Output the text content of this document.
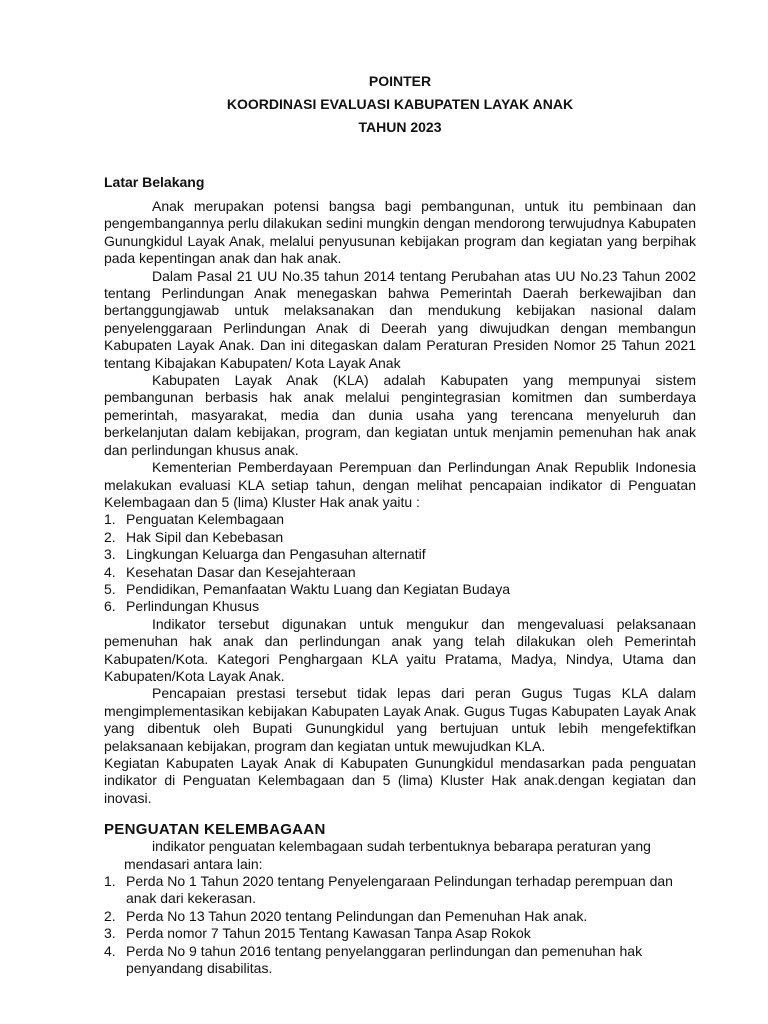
POINTER
KOORDINASI EVALUASI KABUPATEN LAYAK ANAK
TAHUN 2023
Latar Belakang

Anak merupakan potensi bangsa bagi pembangunan, untuk itu pembinaan dan pengembangannya perlu dilakukan sedini mungkin dengan mendorong terwujudnya Kabupaten Gunungkidul Layak Anak, melalui penyusunan kebijakan program dan kegiatan yang berpihak pada kepentingan anak dan hak anak.

Dalam Pasal 21 UU No.35 tahun 2014 tentang Perubahan atas UU No.23 Tahun 2002 tentang Perlindungan Anak menegaskan bahwa Pemerintah Daerah berkewajiban dan bertanggungjawab untuk melaksanakan dan mendukung kebijakan nasional dalam penyelenggaraan Perlindungan Anak di Deerah yang diwujudkan dengan membangun Kabupaten Layak Anak. Dan ini ditegaskan dalam Peraturan Presiden Nomor 25 Tahun 2021 tentang Kibajakan Kabupaten/ Kota Layak Anak

Kabupaten Layak Anak (KLA) adalah Kabupaten yang mempunyai sistem pembangunan berbasis hak anak melalui pengintegrasian komitmen dan sumberdaya pemerintah, masyarakat, media dan dunia usaha yang terencana menyeluruh dan berkelanjutan dalam kebijakan, program, dan kegiatan untuk menjamin pemenuhan hak anak dan perlindungan khusus anak.

Kementerian Pemberdayaan Perempuan dan Perlindungan Anak Republik Indonesia melakukan evaluasi KLA setiap tahun, dengan melihat pencapaian indikator di Penguatan Kelembagaan dan 5 (lima) Kluster Hak anak yaitu :

1. Penguatan Kelembagaan
2. Hak Sipil dan Kebebasan
3. Lingkungan Keluarga dan Pengasuhan alternatif
4. Kesehatan Dasar dan Kesejahteraan
5. Pendidikan, Pemanfaatan Waktu Luang dan Kegiatan Budaya
6. Perlindungan Khusus

Indikator tersebut digunakan untuk mengukur dan mengevaluasi pelaksanaan pemenuhan hak anak dan perlindungan anak yang telah dilakukan oleh Pemerintah Kabupaten/Kota. Kategori Penghargaan KLA yaitu Pratama, Madya, Nindya, Utama dan Kabupaten/Kota Layak Anak.

Pencapaian prestasi tersebut tidak lepas dari peran Gugus Tugas KLA dalam mengimplementasikan kebijakan Kabupaten Layak Anak. Gugus Tugas Kabupaten Layak Anak yang dibentuk oleh Bupati Gunungkidul yang bertujuan untuk lebih mengefektifkan pelaksanaan kebijakan, program dan kegiatan untuk mewujudkan KLA.

Kegiatan Kabupaten Layak Anak di Kabupaten Gunungkidul mendasarkan pada penguatan indikator di Penguatan Kelembagaan dan 5 (lima) Kluster Hak anak.dengan kegiatan dan inovasi.

PENGUATAN KELEMBAGAAN
indikator penguatan kelembagaan sudah terbentuknya bebarapa peraturan yang
mendasari antara lain:
1. Perda No 1 Tahun 2020 tentang Penyelengaraan Pelindungan terhadap perempuan dan anak dari kekerasan.
2. Perda No 13 Tahun 2020 tentang Pelindungan dan Pemenuhan Hak anak.
3. Perda nomor 7 Tahun 2015 Tentang Kawasan Tanpa Asap Rokok
4. Perda No 9 tahun 2016 tentang penyelanggaran perlindungan dan pemenuhan hak penyandang disabilitas.
